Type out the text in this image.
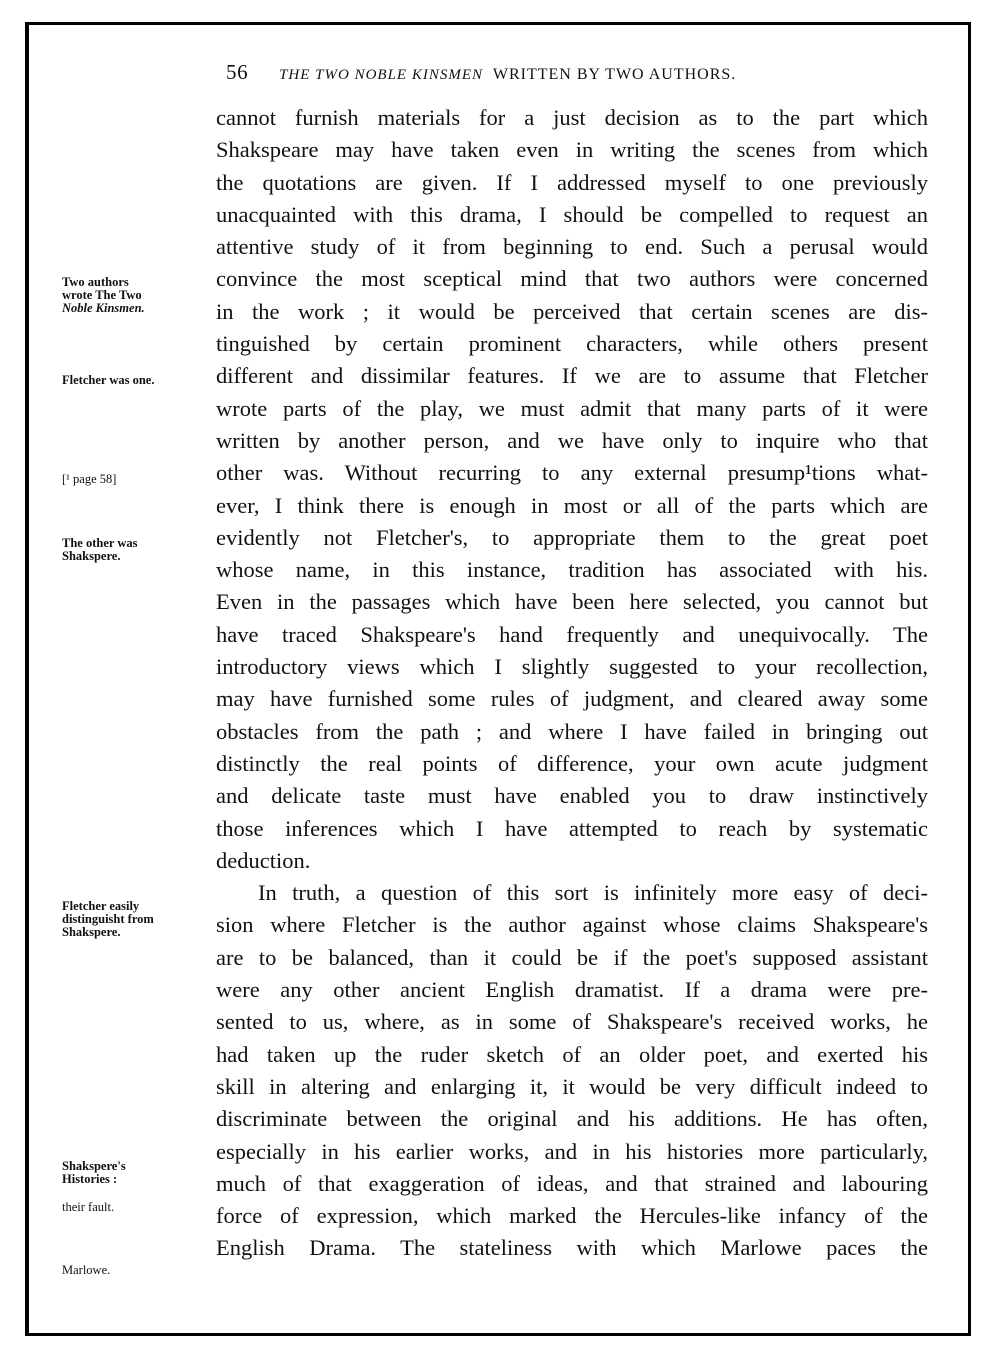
56 THE TWO NOBLE KINSMEN WRITTEN BY TWO AUTHORS.
cannot furnish materials for a just decision as to the part which
Shakspeare may have taken even in writing the scenes from which
the quotations are given. If I addressed myself to one previously
unacquainted with this drama, I should be compelled to request an
attentive study of it from beginning to end. Such a perusal would
convince the most sceptical mind that two authors were concerned
in the work ; it would be perceived that certain scenes are dis-
tinguished by certain prominent characters, while others present
different and dissimilar features. If we are to assume that Fletcher
wrote parts of the play, we must admit that many parts of it were
written by another person, and we have only to inquire who that
other was. Without recurring to any external presump¹tions what-
ever, I think there is enough in most or all of the parts which are
evidently not Fletcher's, to appropriate them to the great poet
whose name, in this instance, tradition has associated with his.
Even in the passages which have been here selected, you cannot but
have traced Shakspeare's hand frequently and unequivocally. The
introductory views which I slightly suggested to your recollection,
may have furnished some rules of judgment, and cleared away some
obstacles from the path ; and where I have failed in bringing out
distinctly the real points of difference, your own acute judgment
and delicate taste must have enabled you to draw instinctively
those inferences which I have attempted to reach by systematic
deduction.
In truth, a question of this sort is infinitely more easy of deci-
sion where Fletcher is the author against whose claims Shakspeare's
are to be balanced, than it could be if the poet's supposed assistant
were any other ancient English dramatist. If a drama were pre-
sented to us, where, as in some of Shakspeare's received works, he
had taken up the ruder sketch of an older poet, and exerted his
skill in altering and enlarging it, it would be very difficult indeed to
discriminate between the original and his additions. He has often,
especially in his earlier works, and in his histories more particularly,
much of that exaggeration of ideas, and that strained and labouring
force of expression, which marked the Hercules-like infancy of the
English Drama. The stateliness with which Marlowe paces the
Two authors
wrote The Two
Noble Kinsmen.
Fletcher was one.
[¹ page 58]
The other was
Shakspere.
Fletcher easily
distinguisht from
Shakspere.
Shakspere's
Histories :
their fault.
Marlowe.
